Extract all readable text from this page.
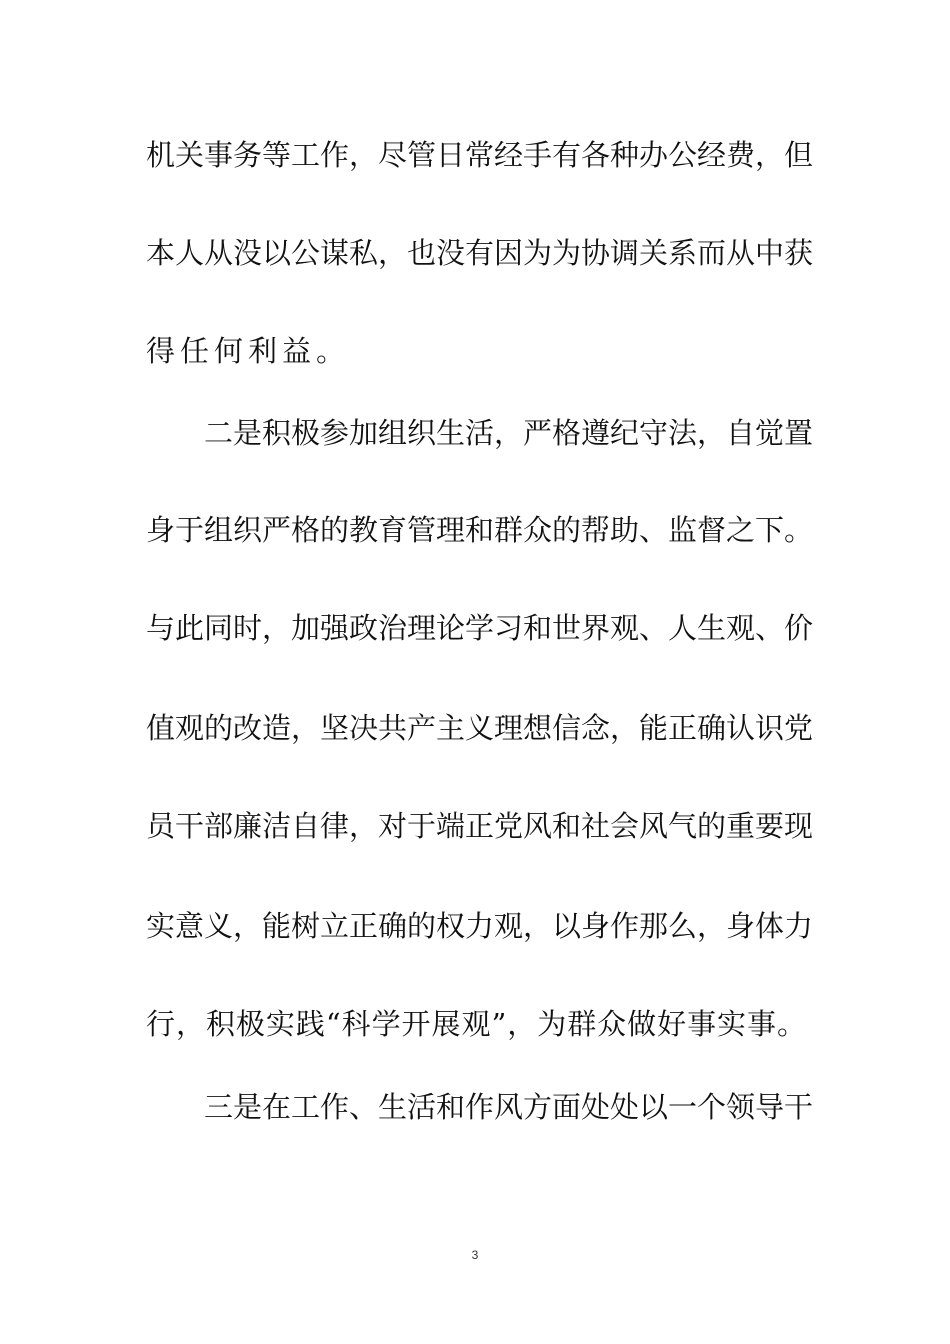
机关事务等工作，尽管日常经手有各种办公经费，但
本人从没以公谋私，也没有因为为协调关系而从中获
得任何利益。
二是积极参加组织生活，严格遵纪守法，自觉置
身于组织严格的教育管理和群众的帮助、监督之下。
与此同时，加强政治理论学习和世界观、人生观、价
值观的改造，坚决共产主义理想信念，能正确认识党
员干部廉洁自律，对于端正党风和社会风气的重要现
实意义，能树立正确的权力观，以身作那么，身体力
行，积极实践“科学开展观”，为群众做好事实事。
三是在工作、生活和作风方面处处以一个领导干
3
